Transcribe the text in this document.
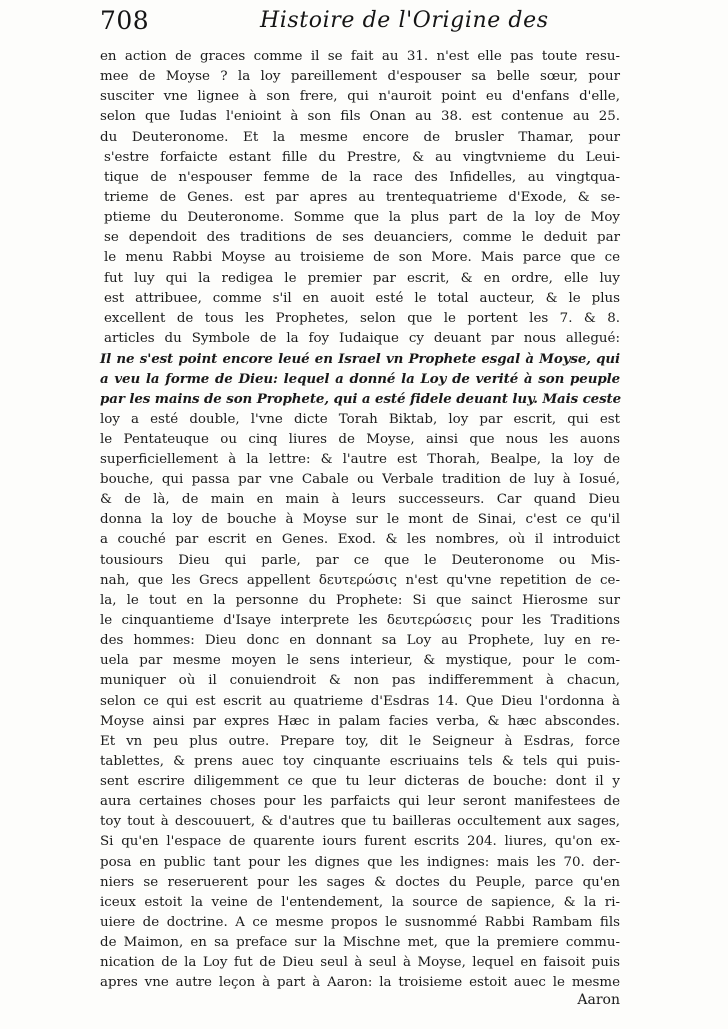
708	Histoire de l'Origine des
en action de graces comme il se fait au 31. n'est elle pas toute resu-
mee de Moyse ? la loy pareillement d'espouser sa belle sœur, pour
susciter vne lignee à son frere, qui n'auroit point eu d'enfans d'elle,
selon que Iudas l'enioint à son fils Onan au 38. est contenue au 25.
du Deuteronome. Et la mesme encore de brusler Thamar, pour
s'estre forfaicte estant fille du Prestre, & au vingtvnieme du Leui-
tique de n'espouser femme de la race des Infidelles, au vingtqua-
trieme de Genes. est par apres au trentequatrieme d'Exode, & se-
ptieme du Deuteronome. Somme que la plus part de la loy de Moy
se dependoit des traditions de ses deuanciers, comme le deduit par
le menu Rabbi Moyse au troisieme de son More. Mais parce que ce
fut luy qui la redigea le premier par escrit, & en ordre, elle luy
est attribuee, comme s'il en auoit esté le total aucteur, & le plus
excellent de tous les Prophetes, selon que le portent les 7. & 8.
articles du Symbole de la foy Iudaique cy deuant par nous allegué:
Il ne s'est point encore leué en Israel vn Prophete esgal à Moyse, qui
a veu la forme de Dieu: lequel a donné la Loy de verité à son peuple
par les mains de son Prophete, qui a esté fidele deuant luy. Mais ceste
loy a esté double, l'vne dicte Torah Biktab, loy par escrit, qui est
le Pentateuque ou cinq liures de Moyse, ainsi que nous les auons
superficiellement à la lettre: & l'autre est Thorah, Bealpe, la loy de
bouche, qui passa par vne Cabale ou Verbale tradition de luy à Iosué,
& de là, de main en main à leurs successeurs. Car quand Dieu
donna la loy de bouche à Moyse sur le mont de Sinai, c'est ce qu'il
a couché par escrit en Genes. Exod. & les nombres, où il introduict
tousiours Dieu qui parle, par ce que le Deuteronome ou Mis-
nah, que les Grecs appellent δευτερώσις n'est qu'vne repetition de ce-
la, le tout en la personne du Prophete: Si que sainct Hierosme sur
le cinquantieme d'Isaye interprete les δευτερώσεις pour les Traditions
des hommes: Dieu donc en donnant sa Loy au Prophete, luy en re-
uela par mesme moyen le sens interieur, & mystique, pour le com-
muniquer où il conuiendroit & non pas indifferemment à chacun,
selon ce qui est escrit au quatrieme d'Esdras 14. Que Dieu l'ordonna à
Moyse ainsi par expres Hæc in palam facies verba, & hæc abscondes.
Et vn peu plus outre. Prepare toy, dit le Seigneur à Esdras, force
tablettes, & prens auec toy cinquante escriuains tels & tels qui puis-
sent escrire diligemment ce que tu leur dicteras de bouche: dont il y
aura certaines choses pour les parfaicts qui leur seront manifestees de
toy tout à descouuert, & d'autres que tu bailleras occultement aux sages,
Si qu'en l'espace de quarente iours furent escrits 204. liures, qu'on ex-
posa en public tant pour les dignes que les indignes: mais les 70. der-
niers se reseruerent pour les sages & doctes du Peuple, parce qu'en
iceux estoit la veine de l'entendement, la source de sapience, & la ri-
uiere de doctrine. A ce mesme propos le susnommé Rabbi Rambam fils
de Maimon, en sa preface sur la Mischne met, que la premiere commu-
nication de la Loy fut de Dieu seul à seul à Moyse, lequel en faisoit puis
apres vne autre leçon à part à Aaron: la troisieme estoit auec le mesme
Aaron
